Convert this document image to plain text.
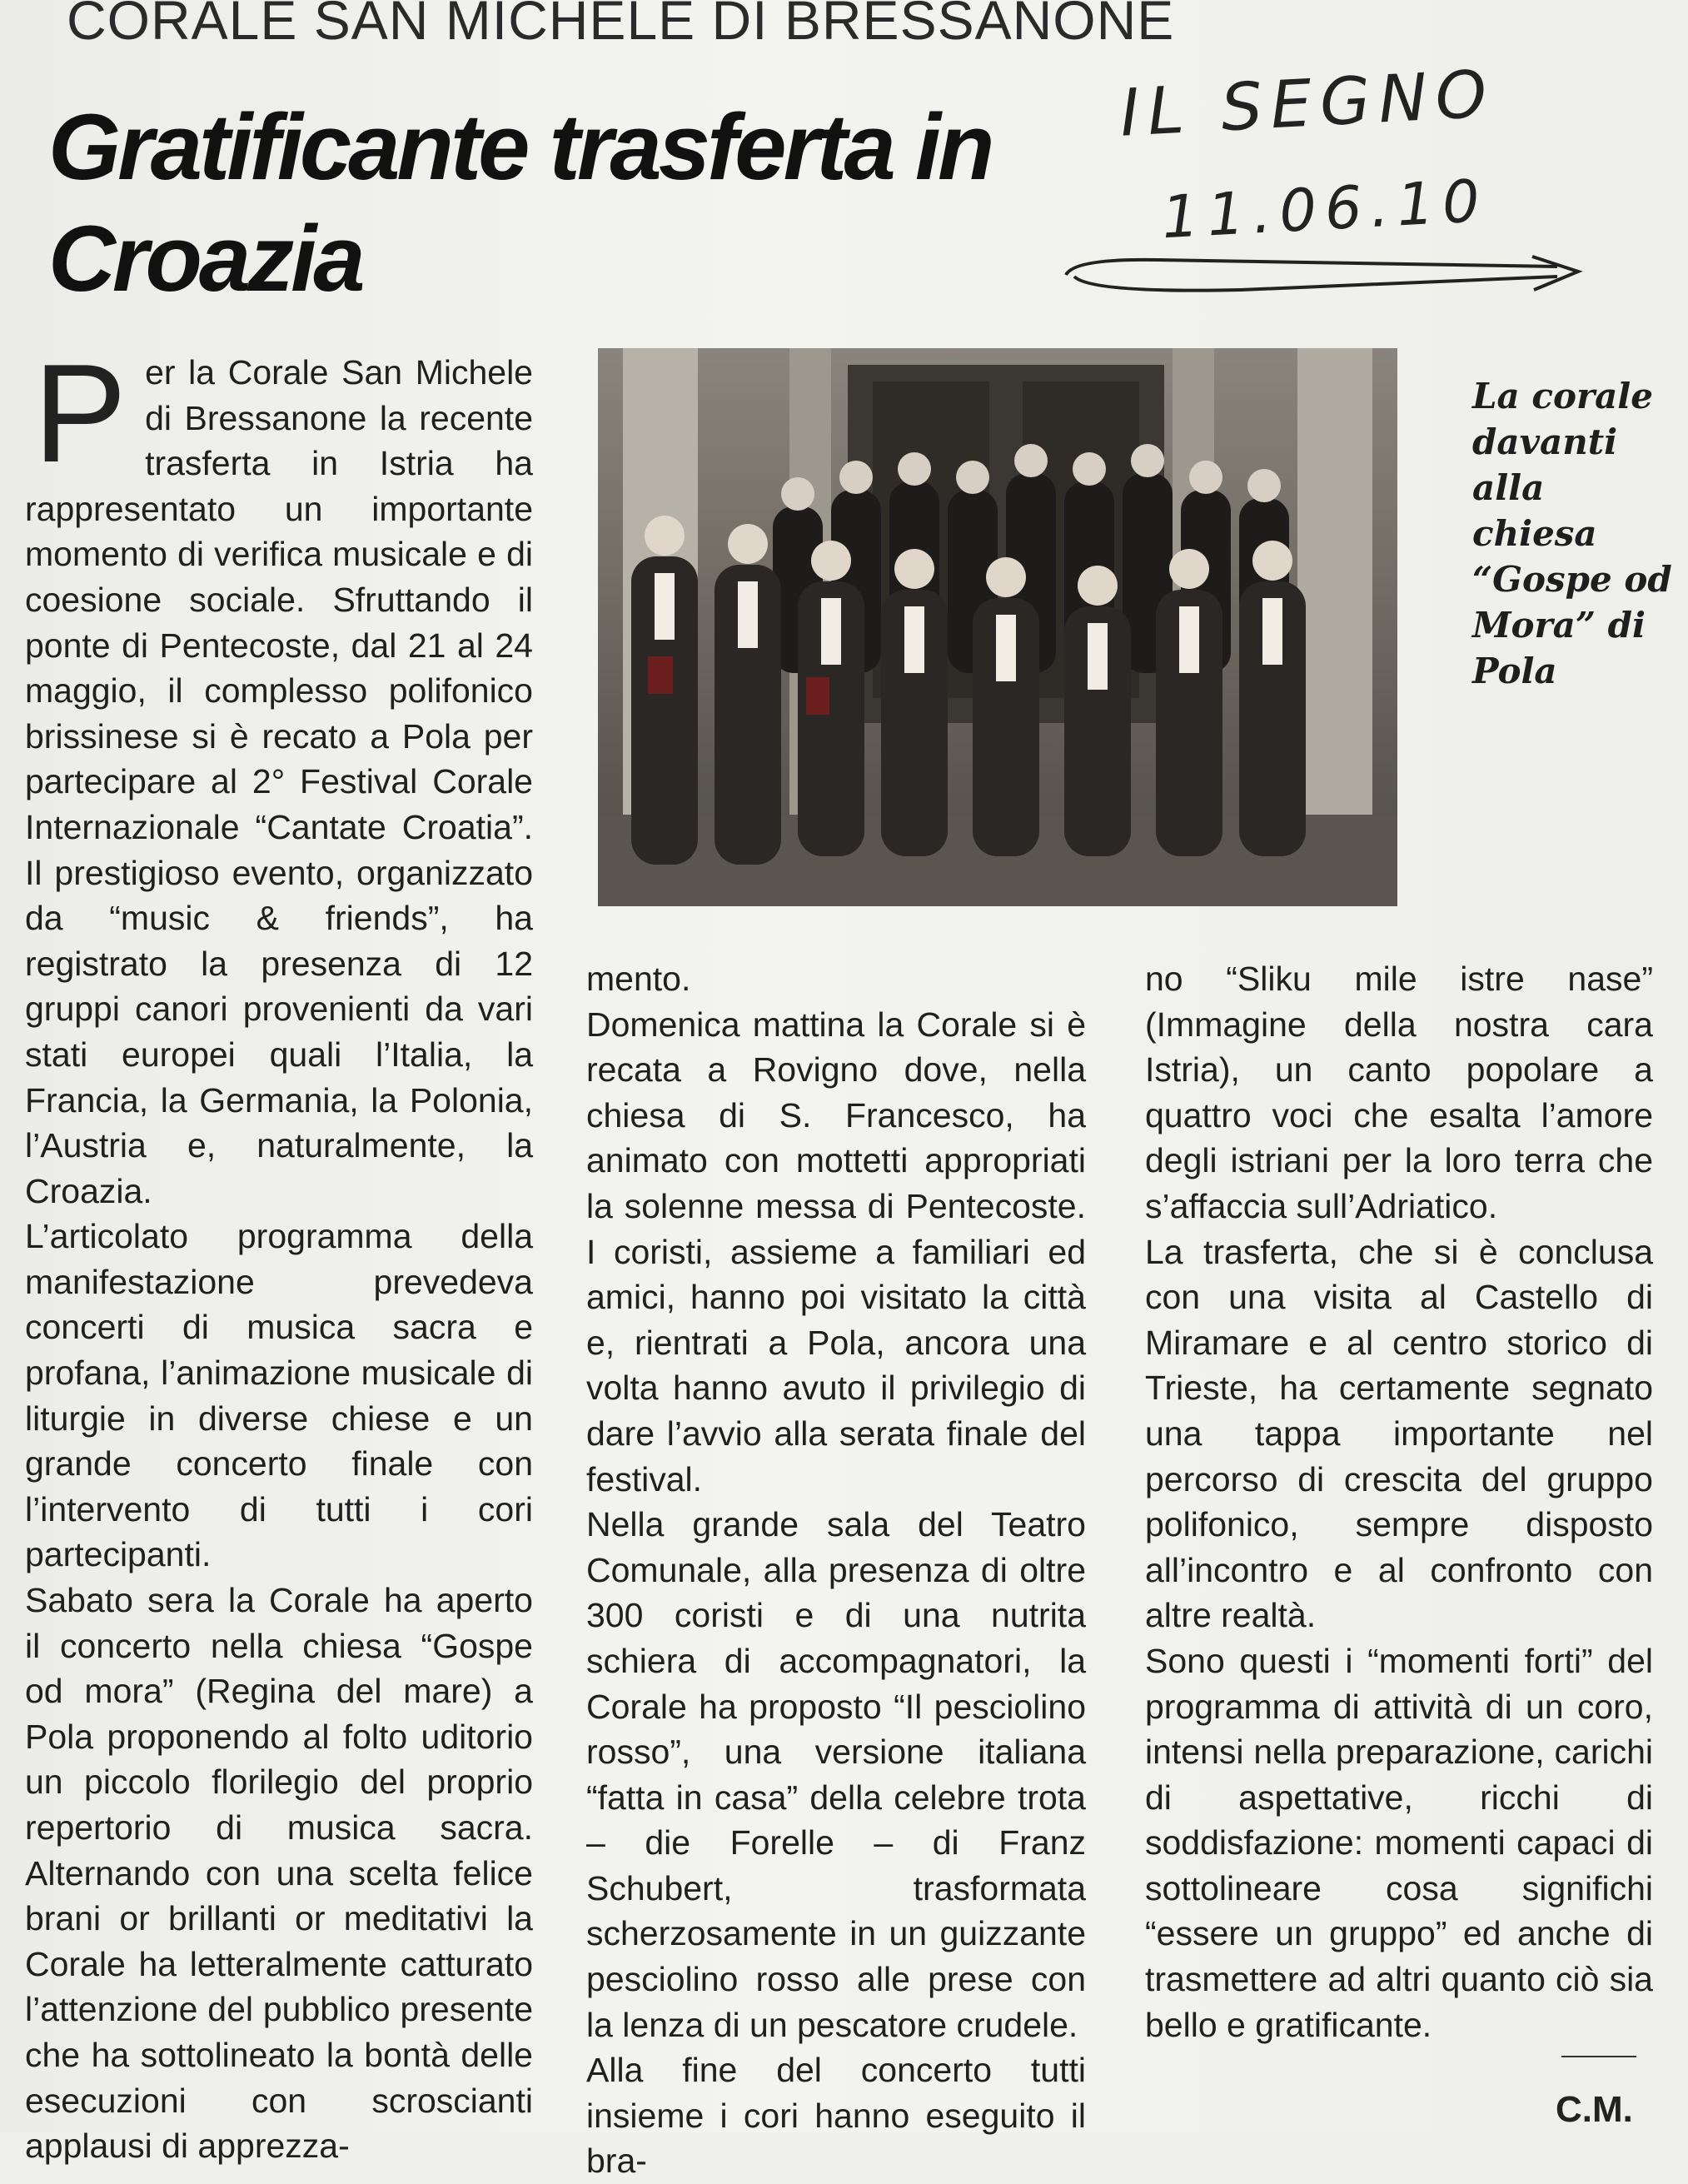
CORALE SAN MICHELE DI BRESSANONE
Gratificante trasferta in Croazia
IL SEGNO
11.06.10
P er la Corale San Michele di Bressanone la recente trasferta in Istria ha rappresentato un importante momento di verifica musicale e di coesione sociale. Sfruttando il ponte di Pentecoste, dal 21 al 24 maggio, il complesso polifonico brissinese si è recato a Pola per partecipare al 2° Festival Corale Internazionale “Cantate Croatia”. Il prestigioso evento, organizzato da “music & friends”, ha registrato la presenza di 12 gruppi canori provenienti da vari stati europei quali l’Italia, la Francia, la Germania, la Polonia, l’Austria e, naturalmente, la Croazia.

L’articolato programma della manifestazione prevedeva concerti di musica sacra e profana, l’animazione musicale di liturgie in diverse chiese e un grande concerto finale con l’intervento di tutti i cori partecipanti.

Sabato sera la Corale ha aperto il concerto nella chiesa “Gospe od mora” (Regina del mare) a Pola proponendo al folto uditorio un piccolo florilegio del proprio repertorio di musica sacra. Alternando con una scelta felice brani or brillanti or meditativi la Corale ha letteralmente catturato l’attenzione del pubblico presente che ha sottolineato la bontà delle esecuzioni con scroscianti applausi di apprezza-

La corale davanti alla chiesa “Gospe od Mora” di Pola

mento.

Domenica mattina la Corale si è recata a Rovigno dove, nella chiesa di S. Francesco, ha animato con mottetti appropriati la solenne messa di Pentecoste. I coristi, assieme a familiari ed amici, hanno poi visitato la città e, rientrati a Pola, ancora una volta hanno avuto il privilegio di dare l’avvio alla serata finale del festival.

Nella grande sala del Teatro Comunale, alla presenza di oltre 300 coristi e di una nutrita schiera di accompagnatori, la Corale ha proposto “Il pesciolino rosso”, una versione italiana “fatta in casa” della celebre trota – die Forelle – di Franz Schubert, trasformata scherzosamente in un guizzante pesciolino rosso alle prese con la lenza di un pescatore crudele.

Alla fine del concerto tutti insieme i cori hanno eseguito il bra-

no “Sliku mile istre nase” (Immagine della nostra cara Istria), un canto popolare a quattro voci che esalta l’amore degli istriani per la loro terra che s’affaccia sull’Adriatico.

La trasferta, che si è conclusa con una visita al Castello di Miramare e al centro storico di Trieste, ha certamente segnato una tappa importante nel percorso di crescita del gruppo polifonico, sempre disposto all’incontro e al confronto con altre realtà.

Sono questi i “momenti forti” del programma di attività di un coro, intensi nella preparazione, carichi di aspettative, ricchi di soddisfazione: momenti capaci di sottolineare cosa significhi “essere un gruppo” ed anche di trasmettere ad altri quanto ciò sia bello e gratificante.

C.M.
